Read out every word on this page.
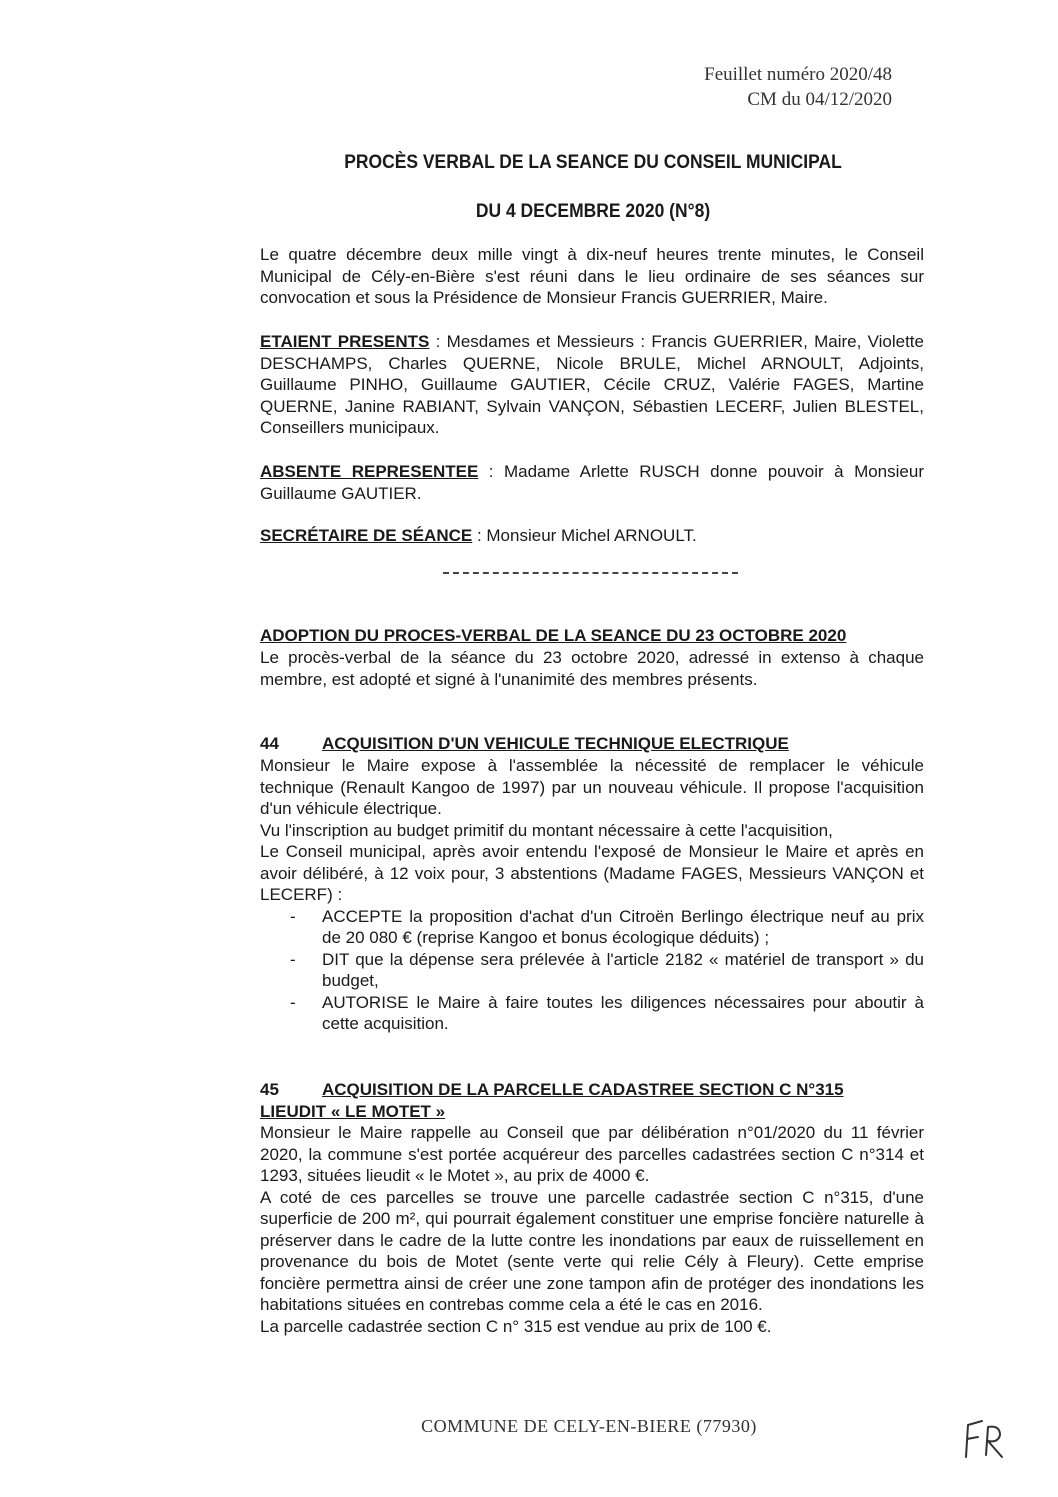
Feuillet numéro 2020/48
CM du 04/12/2020
PROCÈS VERBAL DE LA SEANCE DU CONSEIL MUNICIPAL
DU 4 DECEMBRE 2020 (N°8)
Le quatre décembre deux mille vingt à dix-neuf heures trente minutes, le Conseil Municipal de Cély-en-Bière s'est réuni dans le lieu ordinaire de ses séances sur convocation et sous la Présidence de Monsieur Francis GUERRIER, Maire.
ETAIENT PRESENTS : Mesdames et Messieurs : Francis GUERRIER, Maire, Violette DESCHAMPS, Charles QUERNE, Nicole BRULE, Michel ARNOULT, Adjoints, Guillaume PINHO, Guillaume GAUTIER, Cécile CRUZ, Valérie FAGES, Martine QUERNE, Janine RABIANT, Sylvain VANÇON, Sébastien LECERF, Julien BLESTEL, Conseillers municipaux.
ABSENTE REPRESENTEE : Madame Arlette RUSCH donne pouvoir à Monsieur Guillaume GAUTIER.
SECRÉTAIRE DE SÉANCE : Monsieur Michel ARNOULT.
ADOPTION DU PROCES-VERBAL DE LA SEANCE DU 23 OCTOBRE 2020
Le procès-verbal de la séance du 23 octobre 2020, adressé in extenso à chaque membre, est adopté et signé à l'unanimité des membres présents.
44	ACQUISITION D'UN VEHICULE TECHNIQUE ELECTRIQUE
Monsieur le Maire expose à l'assemblée la nécessité de remplacer le véhicule technique (Renault Kangoo de 1997) par un nouveau véhicule. Il propose l'acquisition d'un véhicule électrique.
Vu l'inscription au budget primitif du montant nécessaire à cette l'acquisition,
Le Conseil municipal, après avoir entendu l'exposé de Monsieur le Maire et après en avoir délibéré, à 12 voix pour, 3 abstentions (Madame FAGES, Messieurs VANÇON et LECERF) :
- ACCEPTE la proposition d'achat d'un Citroën Berlingo électrique neuf au prix de 20 080 € (reprise Kangoo et bonus écologique déduits) ;
- DIT que la dépense sera prélevée à l'article 2182 « matériel de transport » du budget,
- AUTORISE le Maire à faire toutes les diligences nécessaires pour aboutir à cette acquisition.
45	ACQUISITION DE LA PARCELLE CADASTREE SECTION C N°315
LIEUDIT « LE MOTET »
Monsieur le Maire rappelle au Conseil que par délibération n°01/2020 du 11 février 2020, la commune s'est portée acquéreur des parcelles cadastrées section C n°314 et 1293, situées lieudit « le Motet », au prix de 4000 €.
A coté de ces parcelles se trouve une parcelle cadastrée section C n°315, d'une superficie de 200 m², qui pourrait également constituer une emprise foncière naturelle à préserver dans le cadre de la lutte contre les inondations par eaux de ruissellement en provenance du bois de Motet (sente verte qui relie Cély à Fleury). Cette emprise foncière permettra ainsi de créer une zone tampon afin de protéger des inondations les habitations situées en contrebas comme cela a été le cas en 2016.
La parcelle cadastrée section C n° 315 est vendue au prix de 100 €.
COMMUNE DE CELY-EN-BIERE (77930)
